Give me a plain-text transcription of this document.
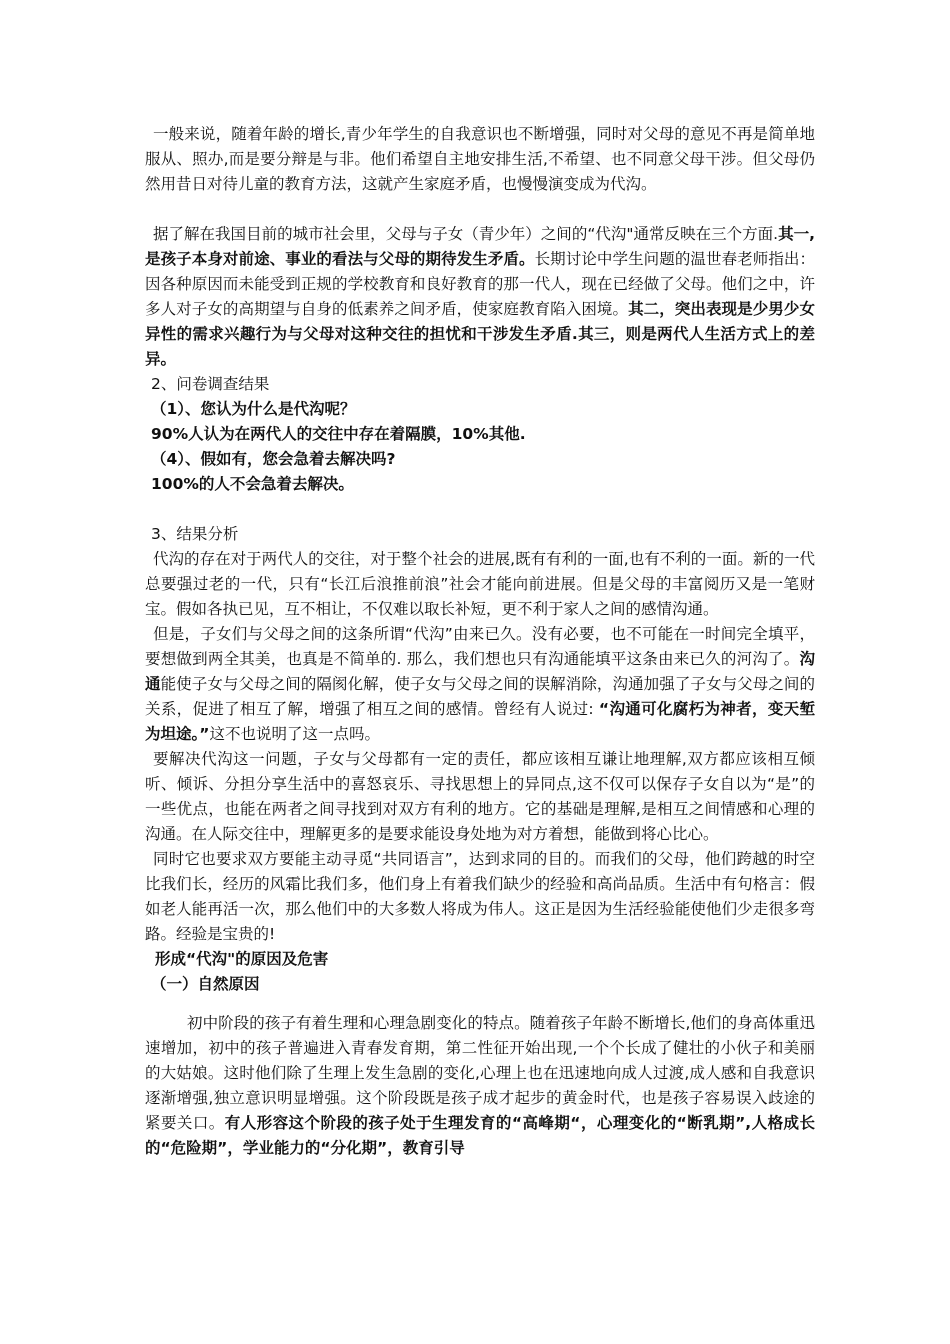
一般来说，随着年龄的增长,青少年学生的自我意识也不断增强，同时对父母的意见不再是简单地服从、照办,而是要分辩是与非。他们希望自主地安排生活,不希望、也不同意父母干涉。但父母仍然用昔日对待儿童的教育方法，这就产生家庭矛盾，也慢慢演变成为代沟。

据了解在我国目前的城市社会里，父母与子女（青少年）之间的“代沟"通常反映在三个方面.其一,是孩子本身对前途、事业的看法与父母的期待发生矛盾。长期讨论中学生问题的温世春老师指出：因各种原因而未能受到正规的学校教育和良好教育的那一代人，现在已经做了父母。他们之中，许多人对子女的高期望与自身的低素养之间矛盾，使家庭教育陷入困境。其二，突出表现是少男少女异性的需求兴趣行为与父母对这种交往的担忧和干涉发生矛盾.其三，则是两代人生活方式上的差异。

2、问卷调查结果
（1）、您认为什么是代沟呢？
90%人认为在两代人的交往中存在着隔膜，10%其他.
（4）、假如有，您会急着去解决吗?
100%的人不会急着去解决。
3、结果分析

代沟的存在对于两代人的交往，对于整个社会的进展,既有有利的一面,也有不利的一面。新的一代总要强过老的一代，只有“长江后浪推前浪”社会才能向前进展。但是父母的丰富阅历又是一笔财宝。假如各执已见，互不相让，不仅难以取长补短，更不利于家人之间的感情沟通。

但是，子女们与父母之间的这条所谓“代沟”由来已久。没有必要，也不可能在一时间完全填平，要想做到两全其美，也真是不简单的. 那么，我们想也只有沟通能填平这条由来已久的河沟了。沟通能使子女与父母之间的隔阂化解，使子女与父母之间的误解消除，沟通加强了子女与父母之间的关系，促进了相互了解，增强了相互之间的感情。曾经有人说过: “沟通可化腐朽为神者，变天堑为坦途。”这不也说明了这一点吗。

要解决代沟这一问题，子女与父母都有一定的责任，都应该相互谦让地理解,双方都应该相互倾听、倾诉、分担分享生活中的喜怒哀乐、寻找思想上的异同点,这不仅可以保存子女自以为“是”的一些优点，也能在两者之间寻找到对双方有利的地方。它的基础是理解,是相互之间情感和心理的沟通。在人际交往中，理解更多的是要求能设身处地为对方着想，能做到将心比心。

同时它也要求双方要能主动寻觅“共同语言”，达到求同的目的。而我们的父母，他们跨越的时空比我们长，经历的风霜比我们多，他们身上有着我们缺少的经验和高尚品质。生活中有句格言：假如老人能再活一次，那么他们中的大多数人将成为伟人。这正是因为生活经验能使他们少走很多弯路。经验是宝贵的!

形成“代沟"的原因及危害
（一）自然原因

初中阶段的孩子有着生理和心理急剧变化的特点。随着孩子年龄不断增长,他们的身高体重迅速增加，初中的孩子普遍进入青春发育期，第二性征开始出现,一个个长成了健壮的小伙子和美丽的大姑娘。这时他们除了生理上发生急剧的变化,心理上也在迅速地向成人过渡,成人感和自我意识逐渐增强,独立意识明显增强。这个阶段既是孩子成才起步的黄金时代，也是孩子容易误入歧途的紧要关口。有人形容这个阶段的孩子处于生理发育的“高峰期“，心理变化的“断乳期”,人格成长的“危险期”，学业能力的“分化期”，教育引导
